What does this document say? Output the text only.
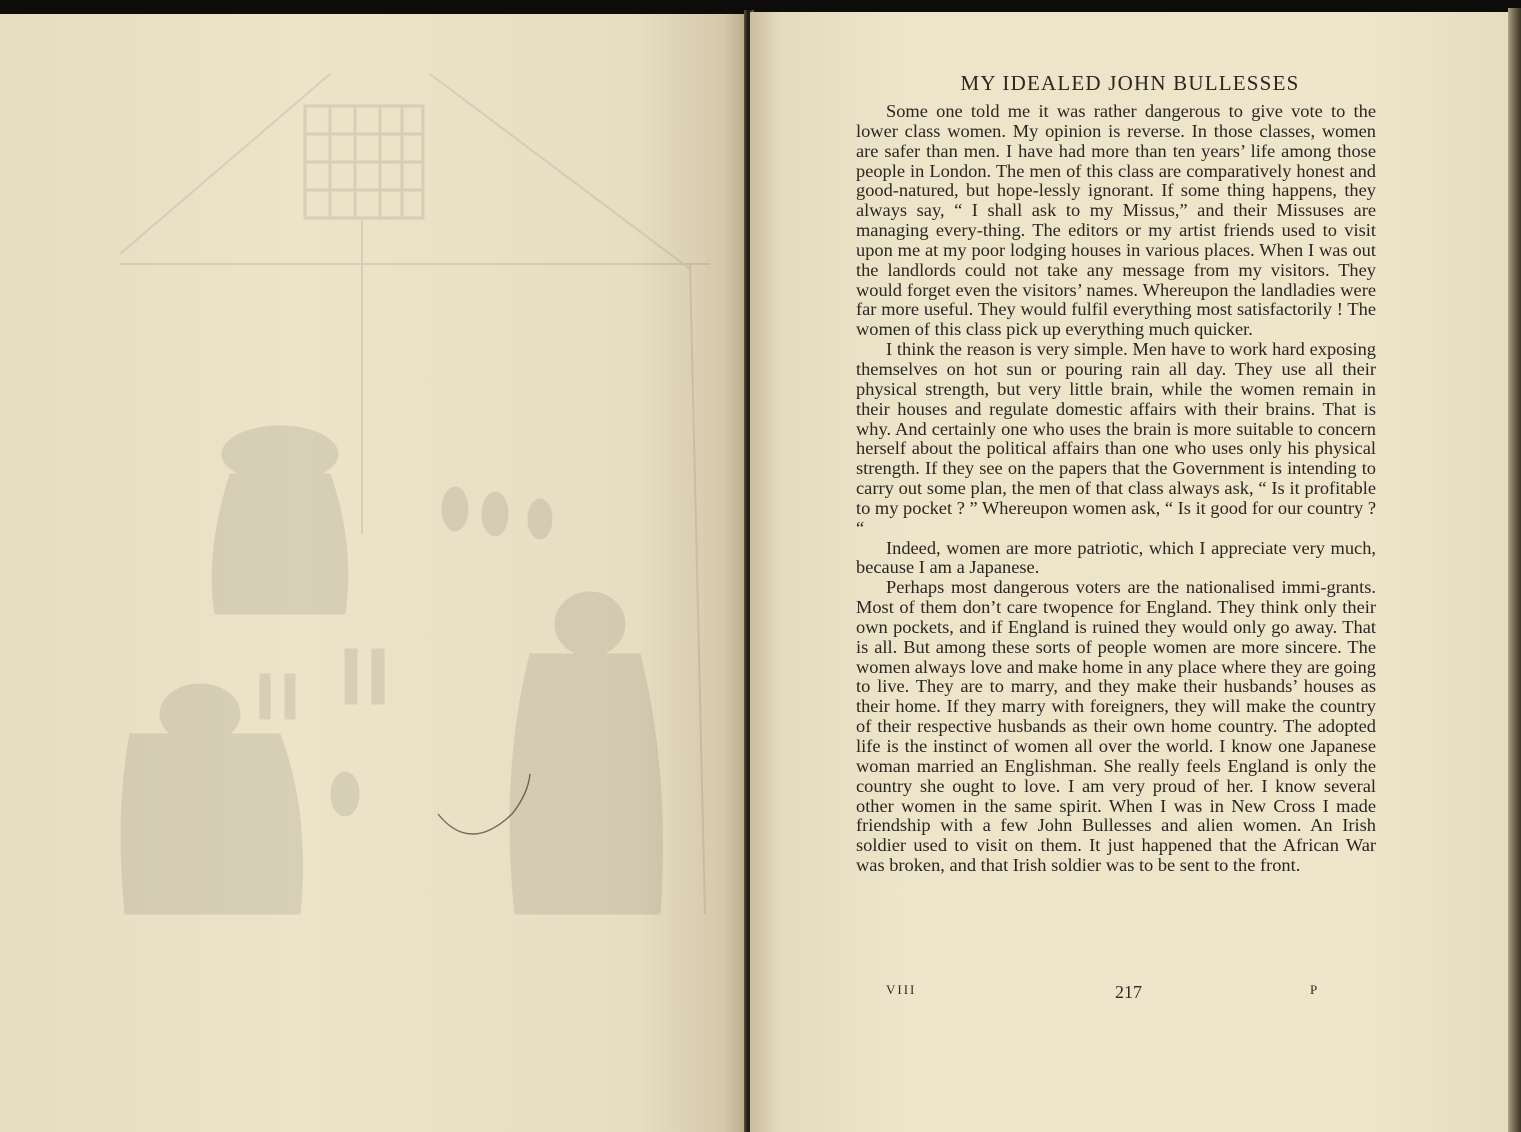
MY IDEALED JOHN BULLESSES

Some one told me it was rather dangerous to give vote to the lower class women. My opinion is reverse. In those classes, women are safer than men. I have had more than ten years’ life among those people in London. The men of this class are comparatively honest and good-natured, but hope-lessly ignorant. If some thing happens, they always say, “ I shall ask to my Missus,” and their Missuses are managing every-thing. The editors or my artist friends used to visit upon me at my poor lodging houses in various places. When I was out the landlords could not take any message from my visitors. They would forget even the visitors’ names. Whereupon the landladies were far more useful. They would fulfil everything most satisfactorily ! The women of this class pick up everything much quicker.

I think the reason is very simple. Men have to work hard exposing themselves on hot sun or pouring rain all day. They use all their physical strength, but very little brain, while the women remain in their houses and regulate domestic affairs with their brains. That is why. And certainly one who uses the brain is more suitable to concern herself about the political affairs than one who uses only his physical strength. If they see on the papers that the Government is intending to carry out some plan, the men of that class always ask, “ Is it profitable to my pocket ? ” Whereupon women ask, “ Is it good for our country ? “

Indeed, women are more patriotic, which I appreciate very much, because I am a Japanese.

Perhaps most dangerous voters are the nationalised immi-grants. Most of them don’t care twopence for England. They think only their own pockets, and if England is ruined they would only go away. That is all. But among these sorts of people women are more sincere. The women always love and make home in any place where they are going to live. They are to marry, and they make their husbands’ houses as their home. If they marry with foreigners, they will make the country of their respective husbands as their own home country. The adopted life is the instinct of women all over the world. I know one Japanese woman married an Englishman. She really feels England is only the country she ought to love. I am very proud of her. I know several other women in the same spirit. When I was in New Cross I made friendship with a few John Bullesses and alien women. An Irish soldier used to visit on them. It just happened that the African War was broken, and that Irish soldier was to be sent to the front.

VIII	217	P
